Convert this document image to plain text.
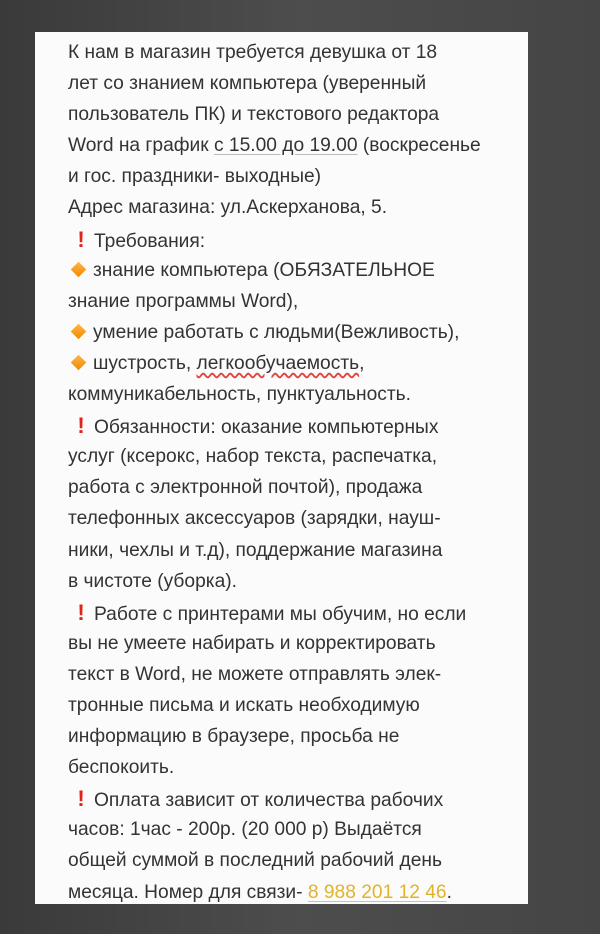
К нам в магазин требуется девушка от 18
лет со знанием компьютера (уверенный
пользователь ПК) и текстового редактора
Word на график с 15.00 до 19.00 (воскресенье
и гос. праздники- выходные)
Адрес магазина: ул.Аскерханова, 5.
! Требования:
знание компьютера (ОБЯЗАТЕЛЬНОЕ
знание программы Word),
умение работать с людьми(Вежливость),
шустрость, легкообучаемость,
коммуникабельность, пунктуальность.
! Обязанности: оказание компьютерных
услуг (ксерокс, набор текста, распечатка,
работа с электронной почтой), продажа
телефонных аксессуаров (зарядки, науш-
ники, чехлы и т.д), поддержание магазина
в чистоте (уборка).
! Работе с принтерами мы обучим, но если
вы не умеете набирать и корректировать
текст в Word, не можете отправлять элек-
тронные письма и искать необходимую
информацию в браузере, просьба не
беспокоить.
! Оплата зависит от количества рабочих
часов: 1час - 200р. (20 000 р) Выдаётся
общей суммой в последний рабочий день
месяца. Номер для связи- 8 988 201 12 46.
